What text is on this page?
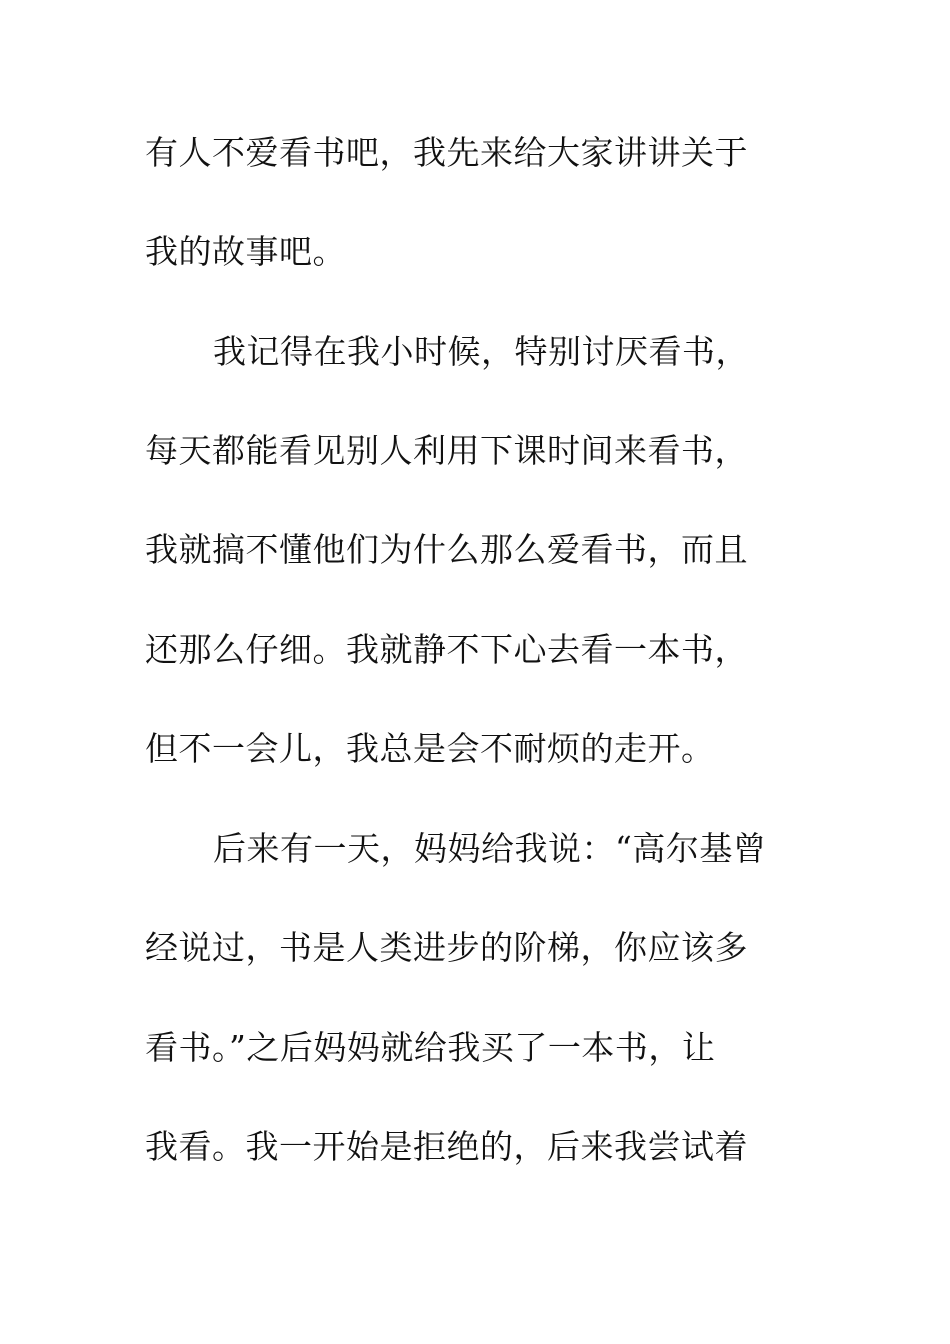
有人不爱看书吧，我先来给大家讲讲关于
我的故事吧。
我记得在我小时候，特别讨厌看书，
每天都能看见别人利用下课时间来看书，
我就搞不懂他们为什么那么爱看书，而且
还那么仔细。我就静不下心去看一本书，
但不一会儿，我总是会不耐烦的走开。
后来有一天，妈妈给我说：“高尔基曾
经说过，书是人类进步的阶梯，你应该多
看书。”之后妈妈就给我买了一本书，让
我看。我一开始是拒绝的，后来我尝试着
